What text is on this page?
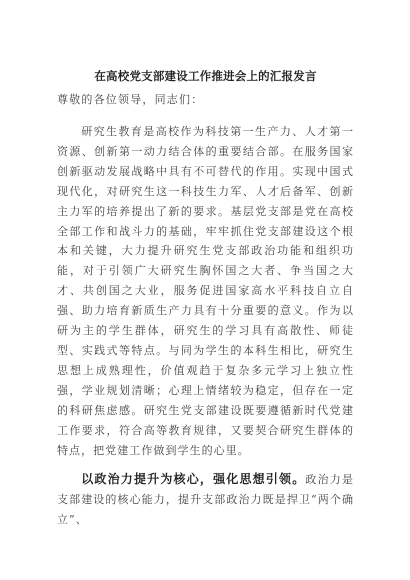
在高校党支部建设工作推进会上的汇报发言

尊敬的各位领导，同志们：

研究生教育是高校作为科技第一生产力、人才第一资源、创新第一动力结合体的重要结合部。在服务国家创新驱动发展战略中具有不可替代的作用。实现中国式现代化，对研究生这一科技生力军、人才后备军、创新主力军的培养提出了新的要求。基层党支部是党在高校全部工作和战斗力的基础，牢牢抓住党支部建设这个根本和关键，大力提升研究生党支部政治功能和组织功能，对于引领广大研究生胸怀国之大者、争当国之大才、共创国之大业，服务促进国家高水平科技自立自强、助力培育新质生产力具有十分重要的意义。作为以研为主的学生群体，研究生的学习具有高散性、师徒型、实践式等特点。与同为学生的本科生相比，研究生思想上成熟理性，价值观趋于复杂多元学习上独立性强，学业规划清晰；心理上情绪较为稳定，但存在一定的科研焦虑感。研究生党支部建设既要遵循新时代党建工作要求，符合高等教育规律，又要契合研究生群体的特点，把党建工作做到学生的心里。

以政治力提升为核心，强化思想引领。政治力是支部建设的核心能力，提升支部政治力既是捍卫“两个确立”、
